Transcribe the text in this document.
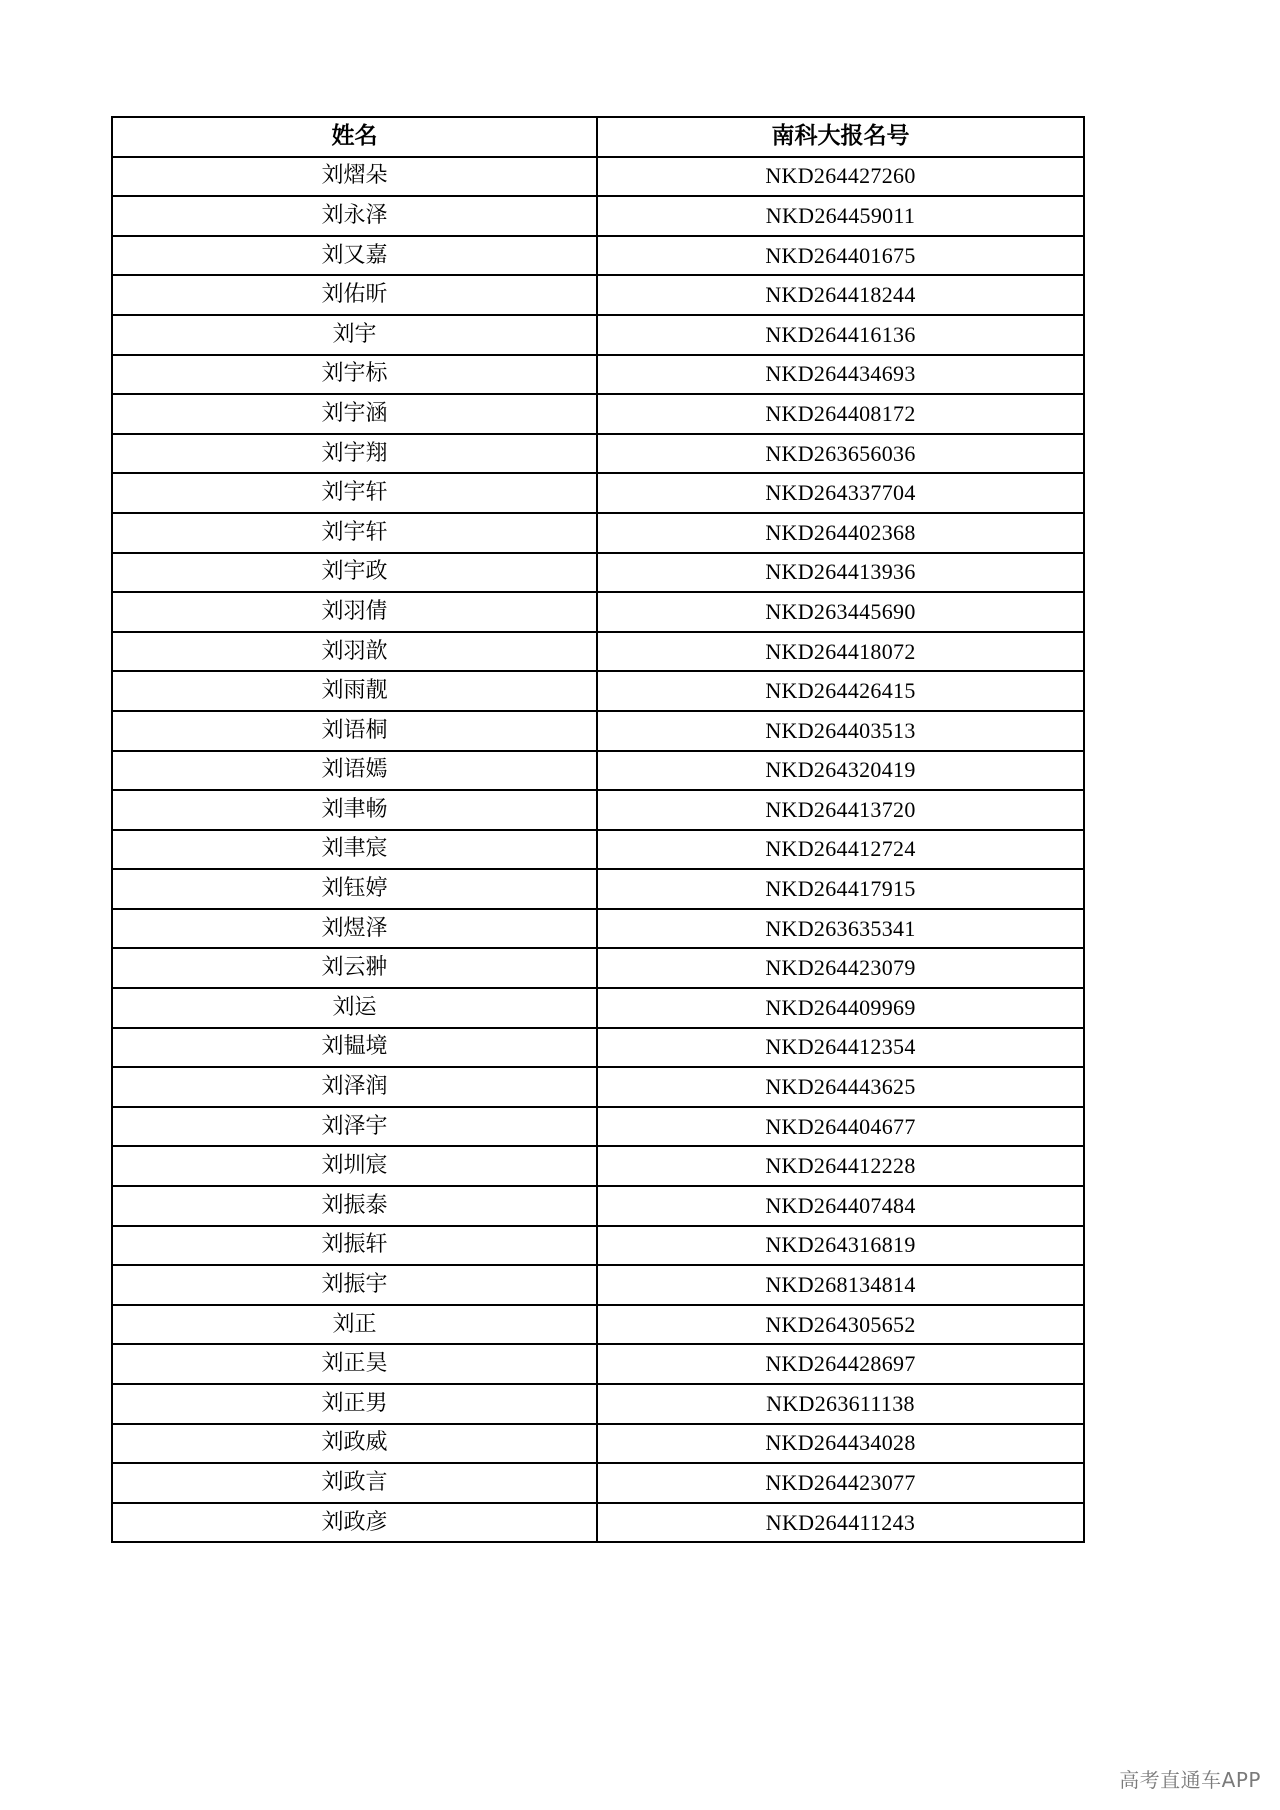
姓名	南科大报名号
刘熠朵	NKD264427260
刘永泽	NKD264459011
刘又嘉	NKD264401675
刘佑昕	NKD264418244
刘宇	NKD264416136
刘宇标	NKD264434693
刘宇涵	NKD264408172
刘宇翔	NKD263656036
刘宇轩	NKD264337704
刘宇轩	NKD264402368
刘宇政	NKD264413936
刘羽倩	NKD263445690
刘羽歆	NKD264418072
刘雨靓	NKD264426415
刘语桐	NKD264403513
刘语嫣	NKD264320419
刘聿畅	NKD264413720
刘聿宸	NKD264412724
刘钰婷	NKD264417915
刘煜泽	NKD263635341
刘云翀	NKD264423079
刘运	NKD264409969
刘韫境	NKD264412354
刘泽润	NKD264443625
刘泽宇	NKD264404677
刘圳宸	NKD264412228
刘振泰	NKD264407484
刘振轩	NKD264316819
刘振宇	NKD268134814
刘正	NKD264305652
刘正昊	NKD264428697
刘正男	NKD263611138
刘政威	NKD264434028
刘政言	NKD264423077
刘政彦	NKD264411243
高考直通车APP
